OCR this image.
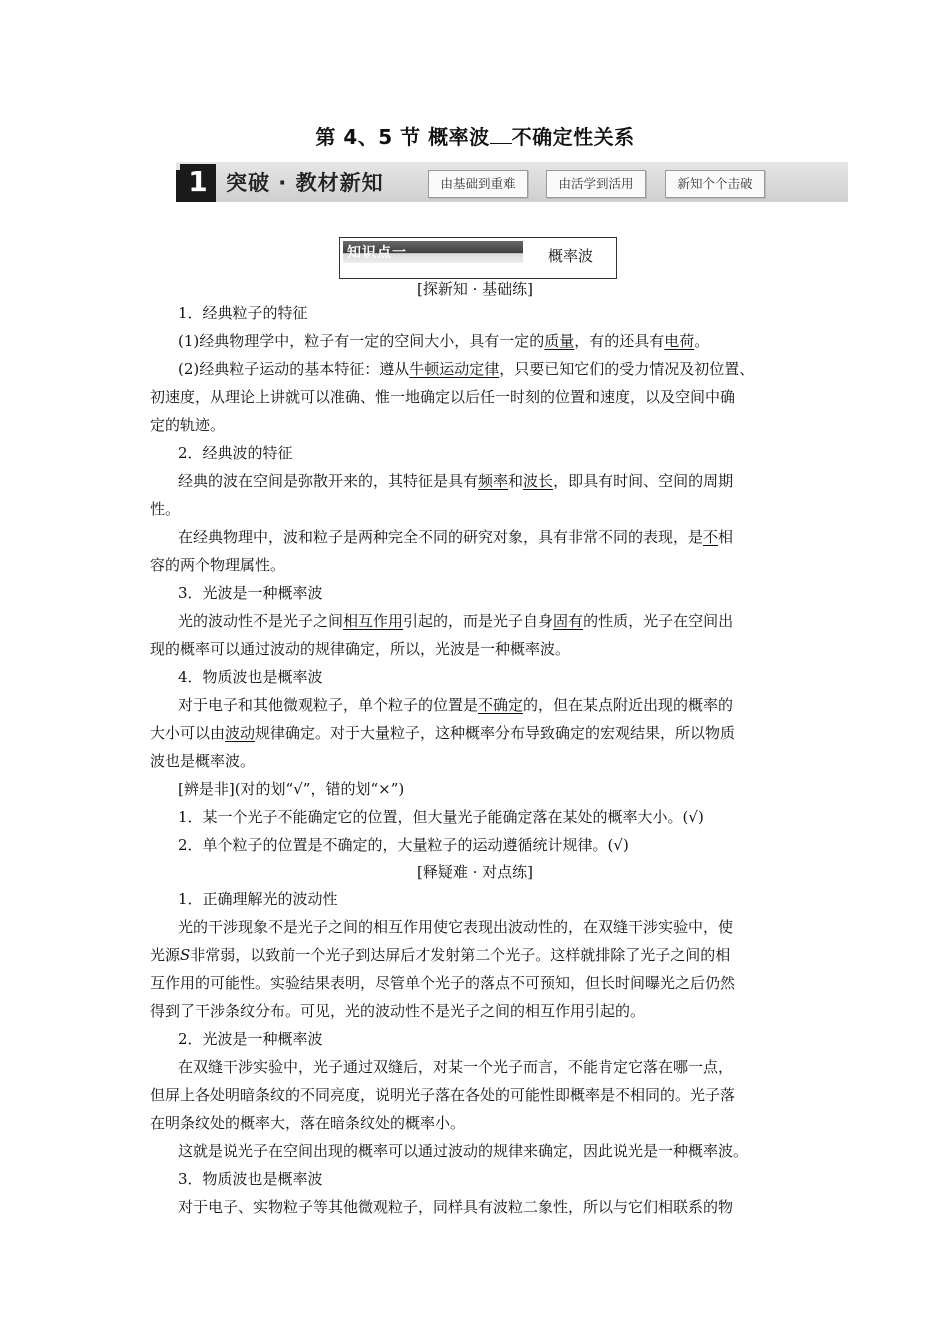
第 4、5 节 概率波 不确定性关系
1 突破 · 教材新知	由基础到重难	由活学到活用	新知个个击破
知识点一	概率波
[探新知 · 基础练]
1．经典粒子的特征
(1)经典物理学中，粒子有一定的空间大小，具有一定的质量，有的还具有电荷。
(2)经典粒子运动的基本特征：遵从牛顿运动定律，只要已知它们的受力情况及初位置、
初速度，从理论上讲就可以准确、惟一地确定以后任一时刻的位置和速度，以及空间中确
定的轨迹。
2．经典波的特征
经典的波在空间是弥散开来的，其特征是具有频率和波长，即具有时间、空间的周期
性。
在经典物理中，波和粒子是两种完全不同的研究对象，具有非常不同的表现，是不相
容的两个物理属性。
3．光波是一种概率波
光的波动性不是光子之间相互作用引起的，而是光子自身固有的性质，光子在空间出
现的概率可以通过波动的规律确定，所以，光波是一种概率波。
4．物质波也是概率波
对于电子和其他微观粒子，单个粒子的位置是不确定的，但在某点附近出现的概率的
大小可以由波动规律确定。对于大量粒子，这种概率分布导致确定的宏观结果，所以物质
波也是概率波。
[辨是非](对的划“√”，错的划“×”)
1．某一个光子不能确定它的位置，但大量光子能确定落在某处的概率大小。(√)
2．单个粒子的位置是不确定的，大量粒子的运动遵循统计规律。(√)
[释疑难 · 对点练]
1．正确理解光的波动性
光的干涉现象不是光子之间的相互作用使它表现出波动性的，在双缝干涉实验中，使
光源S非常弱，以致前一个光子到达屏后才发射第二个光子。这样就排除了光子之间的相
互作用的可能性。实验结果表明，尽管单个光子的落点不可预知，但长时间曝光之后仍然
得到了干涉条纹分布。可见，光的波动性不是光子之间的相互作用引起的。
2．光波是一种概率波
在双缝干涉实验中，光子通过双缝后，对某一个光子而言，不能肯定它落在哪一点，
但屏上各处明暗条纹的不同亮度，说明光子落在各处的可能性即概率是不相同的。光子落
在明条纹处的概率大，落在暗条纹处的概率小。
这就是说光子在空间出现的概率可以通过波动的规律来确定，因此说光是一种概率波。
3．物质波也是概率波
对于电子、实物粒子等其他微观粒子，同样具有波粒二象性，所以与它们相联系的物
